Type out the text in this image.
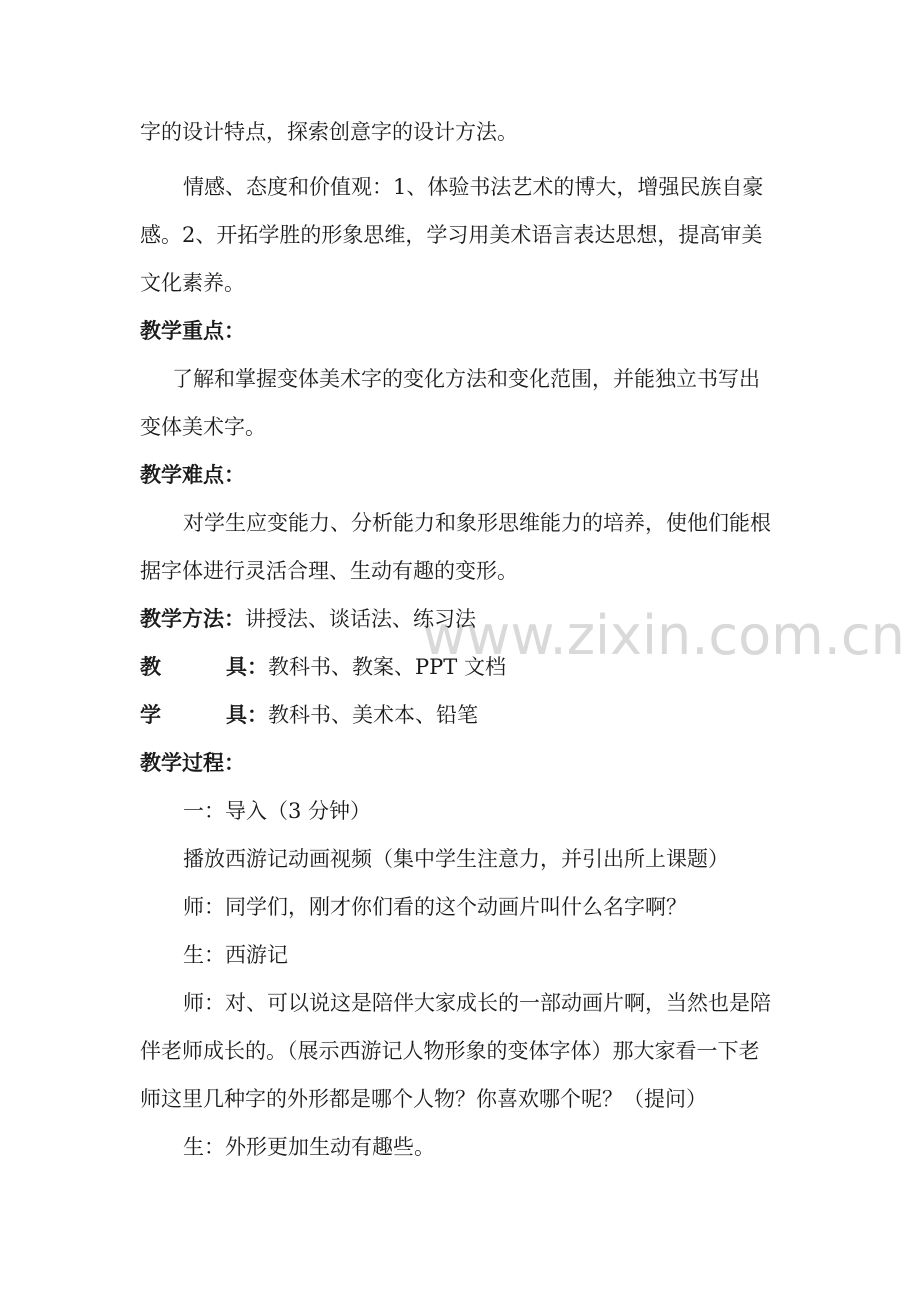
www.zixin.com.cn
字的设计特点，探索创意字的设计方法。
情感、态度和价值观：1、体验书法艺术的博大，增强民族自豪
感。2、开拓学胜的形象思维，学习用美术语言表达思想，提高审美
文化素养。
教学重点：
了解和掌握变体美术字的变化方法和变化范围，并能独立书写出
变体美术字。
教学难点：
对学生应变能力、分析能力和象形思维能力的培养，使他们能根
据字体进行灵活合理、生动有趣的变形。
教学方法：讲授法、谈话法、练习法
教	具：教科书、教案、PPT 文档
学	具：教科书、美术本、铅笔
教学过程：
一：导入（3 分钟）
播放西游记动画视频（集中学生注意力，并引出所上课题）
师：同学们，刚才你们看的这个动画片叫什么名字啊？
生：西游记
师：对、可以说这是陪伴大家成长的一部动画片啊，当然也是陪
伴老师成长的。（展示西游记人物形象的变体字体）那大家看一下老
师这里几种字的外形都是哪个人物？你喜欢哪个呢？（提问）
生：外形更加生动有趣些。
